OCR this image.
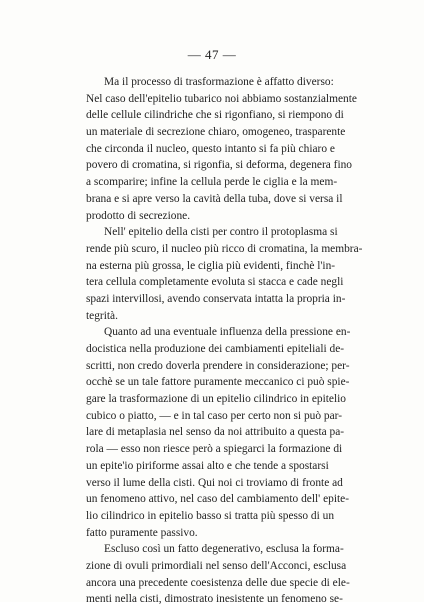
— 47 —
Ma il processo di trasformazione è affatto diverso:
Nel caso dell'epitelio tubarico noi abbiamo sostanzialmente
delle cellule cilindriche che si rigonfiano, si riempono di
un materiale di secrezione chiaro, omogeneo, trasparente
che circonda il nucleo, questo intanto si fa più chiaro e
povero di cromatina, si rigonfia, si deforma, degenera fino
a scomparire; infine la cellula perde le ciglia e la mem-
brana e si apre verso la cavità della tuba, dove si versa il
prodotto di secrezione.
Nell' epitelio della cisti per contro il protoplasma si
rende più scuro, il nucleo più ricco di cromatina, la membra-
na esterna più grossa, le ciglia più evidenti, finchè l'in-
tera cellula completamente evoluta si stacca e cade negli
spazi intervillosi, avendo conservata intatta la propria in-
tegrità.
Quanto ad una eventuale influenza della pressione en-
docistica nella produzione dei cambiamenti epiteliali de-
scritti, non credo doverla prendere in considerazione; per-
occhè se un tale fattore puramente meccanico ci può spie-
gare la trasformazione di un epitelio cilindrico in epitelio
cubico o piatto, — e in tal caso per certo non si può par-
lare di metaplasia nel senso da noi attribuito a questa pa-
rola — esso non riesce però a spiegarci la formazione di
un epite'io piriforme assai alto e che tende a spostarsi
verso il lume della cisti. Qui noi ci troviamo di fronte ad
un fenomeno attivo, nel caso del cambiamento dell' epite-
lio cilindrico in epitelio basso si tratta più spesso di un
fatto puramente passivo.
Escluso così un fatto degenerativo, esclusa la forma-
zione di ovuli primordiali nel senso dell'Acconci, esclusa
ancora una precedente coesistenza delle due specie di ele-
menti nella cisti, dimostrato inesistente un fenomeno se-
